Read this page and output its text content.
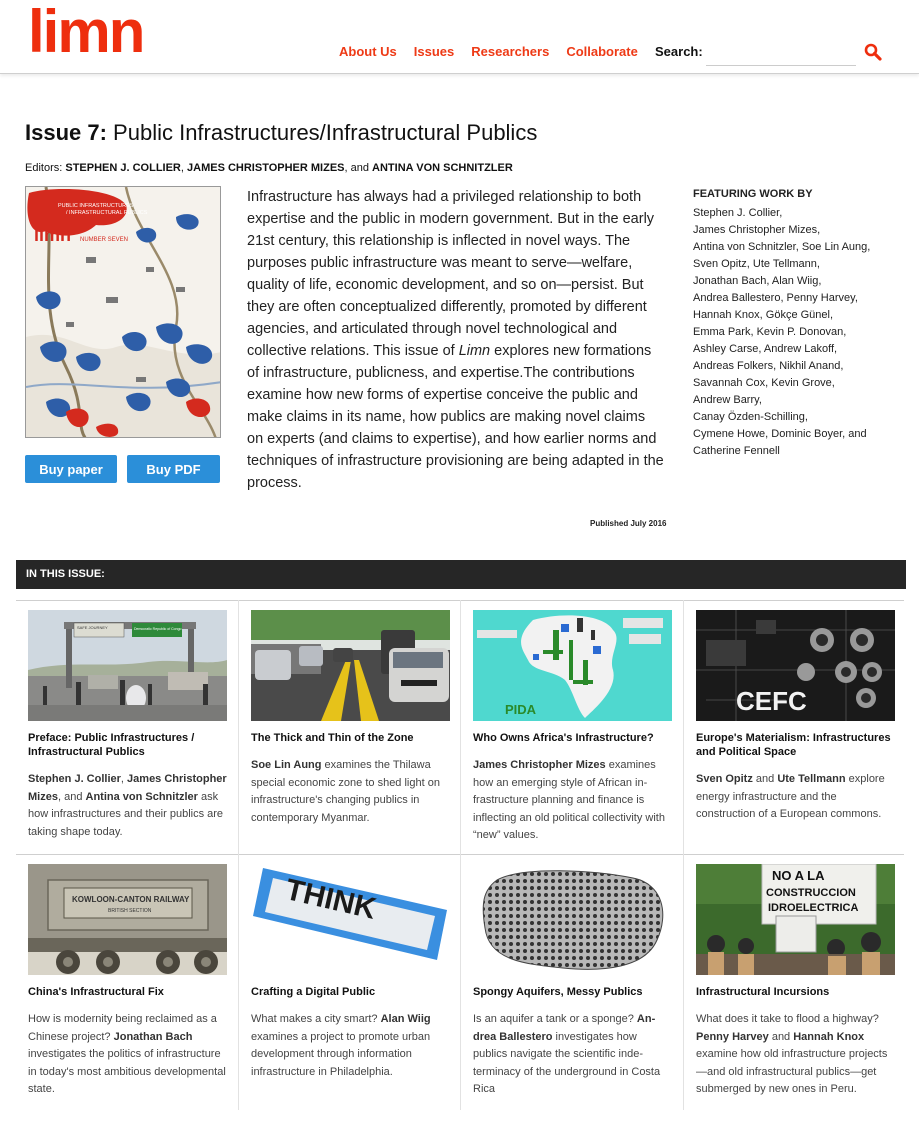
limn	About Us Issues Researchers Collaborate Search:
Issue 7: Public Infrastructures/Infrastructural Publics
Editors: STEPHEN J. COLLIER, JAMES CHRISTOPHER MIZES, and ANTINA VON SCHNITZLER
PUBLIC INFRASTRUCTURES / INFRASTRUCTURAL PUBLICS
limn NUMBER SEVEN
Buy paper	Buy PDF
Infrastructure has always had a privileged relationship to both expertise and the public in modern government. But in the early 21st century, this relationship is inflected in novel ways. The purposes public infrastructure was meant to serve—welfare, quality of life, economic development, and so on—persist. But they are often conceptualized differently, promoted by different agencies, and articulated through novel technological and collective relations. This issue of Limn explores new formations of infrastructure, publicness, and expertise.The contributions examine how new forms of expertise conceive the public and make claims in its name, how publics are making novel claims on experts (and claims to expertise), and how earlier norms and techniques of infrastructure provisioning are being adapted in the process.
Published July 2016
FEATURING WORK BY
Stephen J. Collier,
James Christopher Mizes,
Antina von Schnitzler, Soe Lin Aung,
Sven Opitz, Ute Tellmann,
Jonathan Bach, Alan Wiig,
Andrea Ballestero, Penny Harvey,
Hannah Knox, Gökçe Günel,
Emma Park, Kevin P. Donovan,
Ashley Carse, Andrew Lakoff,
Andreas Folkers, Nikhil Anand,
Savannah Cox, Kevin Grove,
Andrew Barry,
Canay Özden-Schilling,
Cymene Howe, Dominic Boyer, and
Catherine Fennell
IN THIS ISSUE:
SAFE JOURNEY	Democratic Republic of Congo
Preface: Public Infrastructures / Infrastructural Publics
Stephen J. Collier, James Christopher Mizes, and Antina von Schnitzler ask how infrastructures and their publics are taking shape today.
The Thick and Thin of the Zone
Soe Lin Aung examines the Thilawa special economic zone to shed light on infrastructure's changing publics in contemporary Myanmar.
PIDA
Who Owns Africa's Infrastructure?
James Christopher Mizes examines how an emerging style of African infrastructure planning and finance is inflecting an old political collectivity with “new” values.
CEFC
Europe's Materialism: Infrastructures and Political Space
Sven Opitz and Ute Tellmann explore energy infrastructure and the construction of a European commons.
KOWLOON-CANTON RAILWAY
BRITISH SECTION
China's Infrastructural Fix
How is modernity being reclaimed as a Chinese project? Jonathan Bach investigates the politics of infrastructure in today's most ambitious developmental state.
THINK
Crafting a Digital Public
What makes a city smart? Alan Wiig examines a project to promote urban development through information infrastructure in Philadelphia.
Spongy Aquifers, Messy Publics
Is an aquifer a tank or a sponge? Andrea Ballestero investigates how publics navigate the scientific indeterminacy of the underground in Costa Rica
NO A LA
CONSTRUCCION
IDROELECTRICA
Infrastructural Incursions
What does it take to flood a highway? Penny Harvey and Hannah Knox examine how old infrastructure projects—and old infrastructural publics—get submerged by new ones in Peru.
